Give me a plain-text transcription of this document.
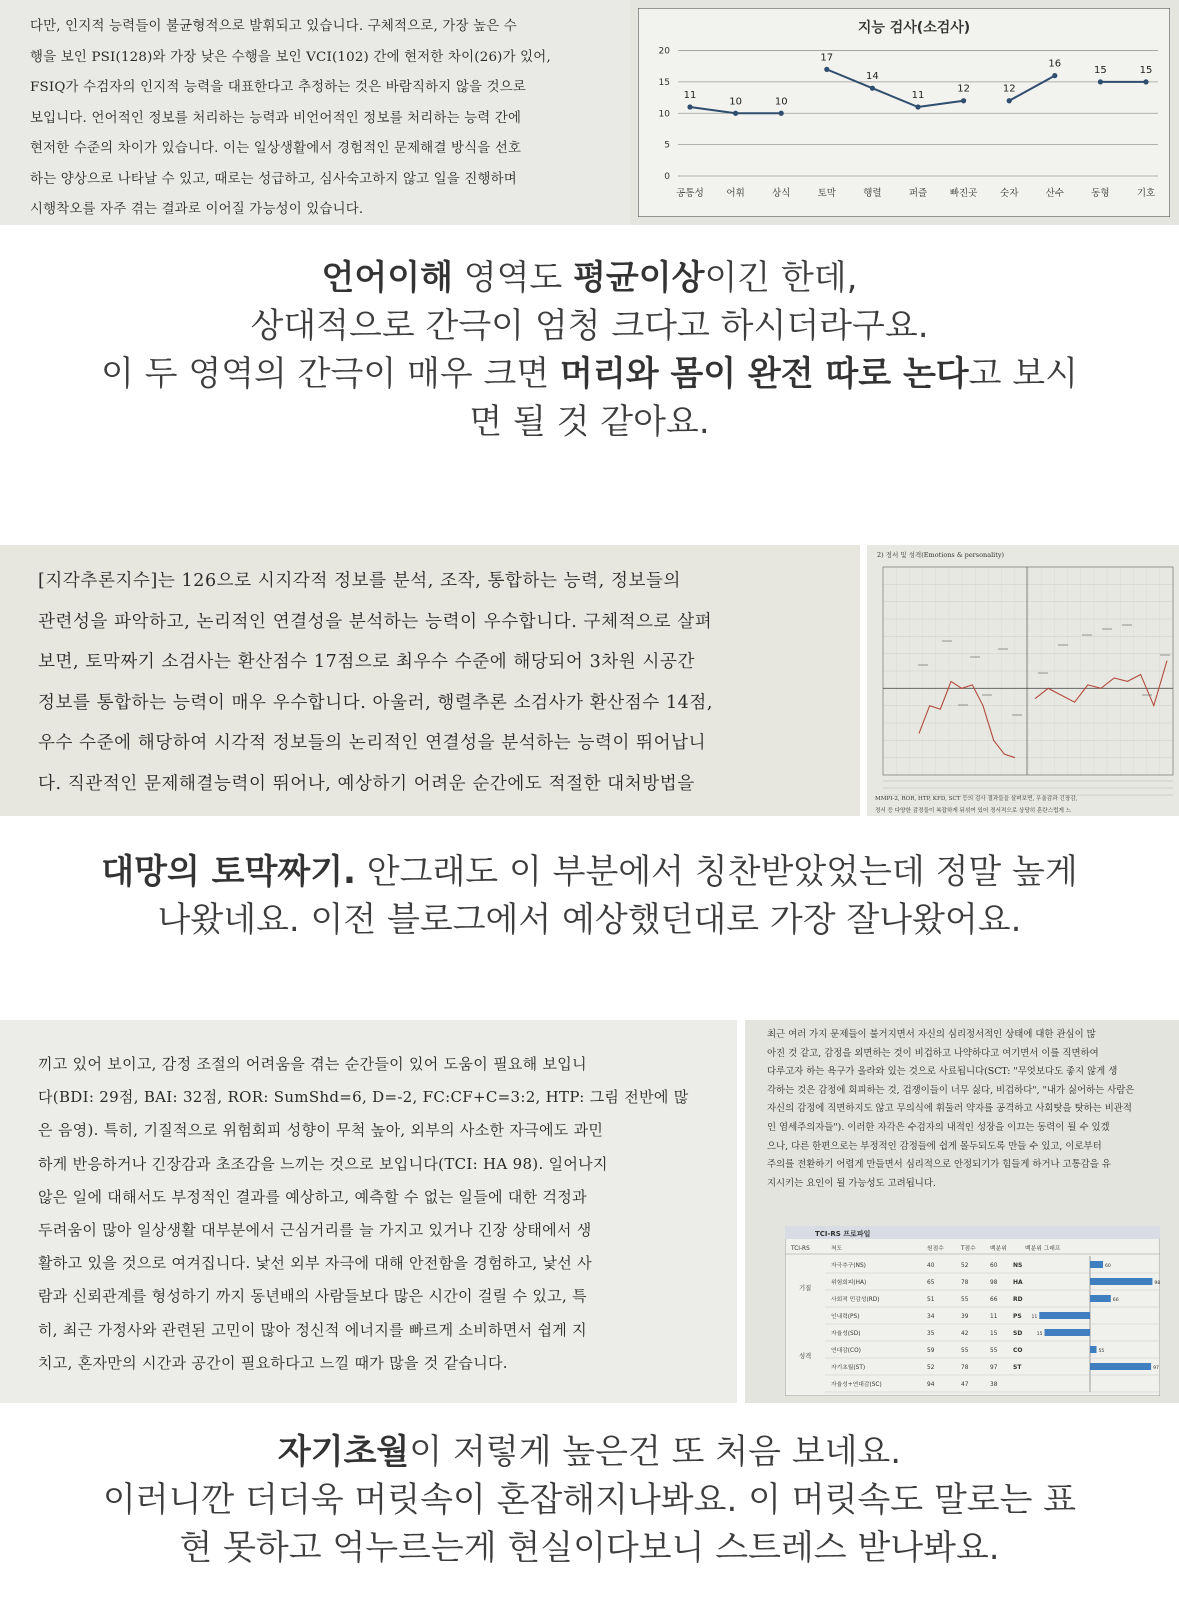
다만, 인지적 능력들이 불균형적으로 발휘되고 있습니다. 구체적으로, 가장 높은 수

행을 보인 PSI(128)와 가장 낮은 수행을 보인 VCI(102) 간에 현저한 차이(26)가 있어,

FSIQ가 수검자의 인지적 능력을 대표한다고 추정하는 것은 바람직하지 않을 것으로

보입니다. 언어적인 정보를 처리하는 능력과 비언어적인 정보를 처리하는 능력 간에

현저한 수준의 차이가 있습니다. 이는 일상생활에서 경험적인 문제해결 방식을 선호

하는 양상으로 나타날 수 있고, 때로는 성급하고, 심사숙고하지 않고 일을 진행하며

시행착오를 자주 겪는 결과로 이어질 가능성이 있습니다.

지능 검사(소검사)
0
5
10
15
20
공통성 어휘	상식	토막	행렬	퍼즐 빠진곳 숫자	산수	동형	기호
11
10	10
17
14
11
12	12
16
15	15
언어이해 영역도 평균이상이긴 한데,
상대적으로 간극이 엄청 크다고 하시더라구요.
이 두 영역의 간극이 매우 크면 머리와 몸이 완전 따로 논다고 보시
면 될 것 같아요.

[지각추론지수]는 126으로 시지각적 정보를 분석, 조작, 통합하는 능력, 정보들의

관련성을 파악하고, 논리적인 연결성을 분석하는 능력이 우수합니다. 구체적으로 살펴

보면, 토막짜기 소검사는 환산점수 17점으로 최우수 수준에 해당되어 3차원 시공간

정보를 통합하는 능력이 매우 우수합니다. 아울러, 행렬추론 소검사가 환산점수 14점,

우수 수준에 해당하여 시각적 정보들의 논리적인 연결성을 분석하는 능력이 뛰어납니

다. 직관적인 문제해결능력이 뛰어나, 예상하기 어려운 순간에도 적절한 대처방법을

2) 정서 및 성격(Emotions & personality)
MMPI-2, ROR, HTP, KFD, SCT 등의 검사 결과들을 살펴보면, 우울감과 긴장감,
정서 등 다양한 감정들이 복잡하게 뒤섞여 있어 정서적으로 상당히 혼란스럽게 느
대망의 토막짜기. 안그래도 이 부분에서 칭찬받았었는데 정말 높게
나왔네요. 이전 블로그에서 예상했던대로 가장 잘나왔어요.

끼고 있어 보이고, 감정 조절의 어려움을 겪는 순간들이 있어 도움이 필요해 보입니

다(BDI: 29점, BAI: 32점, ROR: SumShd=6, D=-2, FC:CF+C=3:2, HTP: 그림 전반에 많

은 음영). 특히, 기질적으로 위험회피 성향이 무척 높아, 외부의 사소한 자극에도 과민

하게 반응하거나 긴장감과 초조감을 느끼는 것으로 보입니다(TCI: HA 98). 일어나지

않은 일에 대해서도 부정적인 결과를 예상하고, 예측할 수 없는 일들에 대한 걱정과

두려움이 많아 일상생활 대부분에서 근심거리를 늘 가지고 있거나 긴장 상태에서 생

활하고 있을 것으로 여겨집니다. 낯선 외부 자극에 대해 안전함을 경험하고, 낯선 사

람과 신뢰관계를 형성하기 까지 동년배의 사람들보다 많은 시간이 걸릴 수 있고, 특

히, 최근 가정사와 관련된 고민이 많아 정신적 에너지를 빠르게 소비하면서 쉽게 지

치고, 혼자만의 시간과 공간이 필요하다고 느낄 때가 많을 것 같습니다.

최근 여러 가지 문제들이 불거지면서 자신의 심리정서적인 상태에 대한 관심이 많

아진 것 같고, 감정을 외면하는 것이 비겁하고 나약하다고 여기면서 이를 직면하여

다루고자 하는 욕구가 올라와 있는 것으로 사료됩니다(SCT: "무엇보다도 좋지 않게 생

각하는 것은 감정에 회피하는 것, 겁쟁이들이 너무 싫다, 비겁하다", "내가 싫어하는 사람은

자신의 감정에 직면하지도 않고 무의식에 휘둘러 약자를 공격하고 사회탓을 탓하는 비관적

인 염세주의자들"). 이러한 자각은 수검자의 내적인 성장을 이끄는 동력이 될 수 있겠

으나, 다른 한편으로는 부정적인 감정들에 쉽게 몰두되도록 만들 수 있고, 이로부터

주의를 전환하기 어렵게 만들면서 심리적으로 안정되기가 힘들게 하거나 고통감을 유

지시키는 요인이 될 가능성도 고려됩니다.

TCI-RS 프로파일
TCI-RS	척도	원점수	T점수 백분위	백분위 그래프
기질
성격
자극추구(NS)	40	52	60	NS	60
위험회피(HA)	65	78	98	HA	98
사회적 민감성(RD)	51	55	66	RD	66
인내력(PS)	34	39	11	PS 11
자율성(SD)	35	42	15	SD	15
연대감(CO)	59	55	55	CO	55
자기초월(ST)	52	78	97	ST	97
자율성+연대감(SC)	94	47	38
자기초월이 저렇게 높은건 또 처음 보네요.
이러니깐 더더욱 머릿속이 혼잡해지나봐요. 이 머릿속도 말로는 표
현 못하고 억누르는게 현실이다보니 스트레스 받나봐요.
